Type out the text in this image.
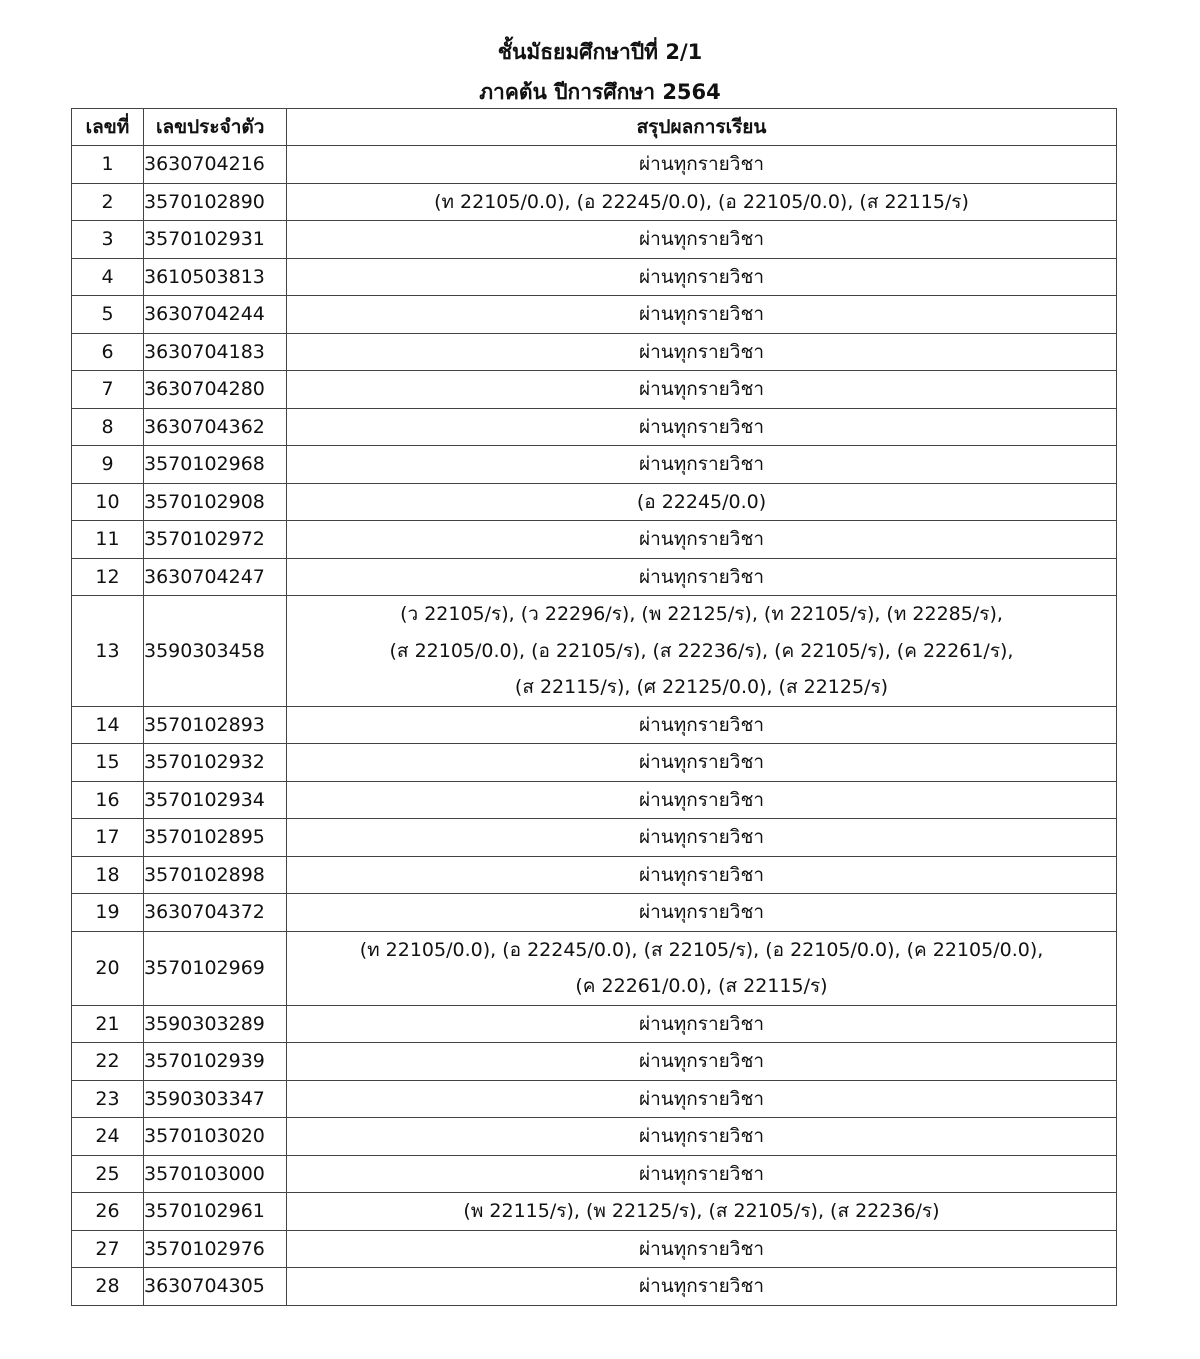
ชั้นมัธยมศึกษาปีที่ 2/1
ภาคต้น ปีการศึกษา 2564
เลขที่	เลขประจำตัว	สรุปผลการเรียน
1	3630704216	ผ่านทุกรายวิชา

2	3570102890	(ท 22105/0.0), (อ 22245/0.0), (อ 22105/0.0), (ส 22115/ร)

3	3570102931	ผ่านทุกรายวิชา

4	3610503813	ผ่านทุกรายวิชา

5	3630704244	ผ่านทุกรายวิชา

6	3630704183	ผ่านทุกรายวิชา

7	3630704280	ผ่านทุกรายวิชา

8	3630704362	ผ่านทุกรายวิชา

9	3570102968	ผ่านทุกรายวิชา

10	3570102908	(อ 22245/0.0)

11	3570102972	ผ่านทุกรายวิชา

12	3630704247	ผ่านทุกรายวิชา

13	3590303458	(ว 22105/ร), (ว 22296/ร), (พ 22125/ร), (ท 22105/ร), (ท 22285/ร),
(ส 22105/0.0), (อ 22105/ร), (ส 22236/ร), (ค 22105/ร), (ค 22261/ร),
(ส 22115/ร), (ศ 22125/0.0), (ส 22125/ร)

14	3570102893	ผ่านทุกรายวิชา

15	3570102932	ผ่านทุกรายวิชา

16	3570102934	ผ่านทุกรายวิชา

17	3570102895	ผ่านทุกรายวิชา

18	3570102898	ผ่านทุกรายวิชา

19	3630704372	ผ่านทุกรายวิชา

20	3570102969	(ท 22105/0.0), (อ 22245/0.0), (ส 22105/ร), (อ 22105/0.0), (ค 22105/0.0),
(ค 22261/0.0), (ส 22115/ร)

21	3590303289	ผ่านทุกรายวิชา

22	3570102939	ผ่านทุกรายวิชา

23	3590303347	ผ่านทุกรายวิชา

24	3570103020	ผ่านทุกรายวิชา

25	3570103000	ผ่านทุกรายวิชา

26	3570102961	(พ 22115/ร), (พ 22125/ร), (ส 22105/ร), (ส 22236/ร)

27	3570102976	ผ่านทุกรายวิชา

28	3630704305	ผ่านทุกรายวิชา
